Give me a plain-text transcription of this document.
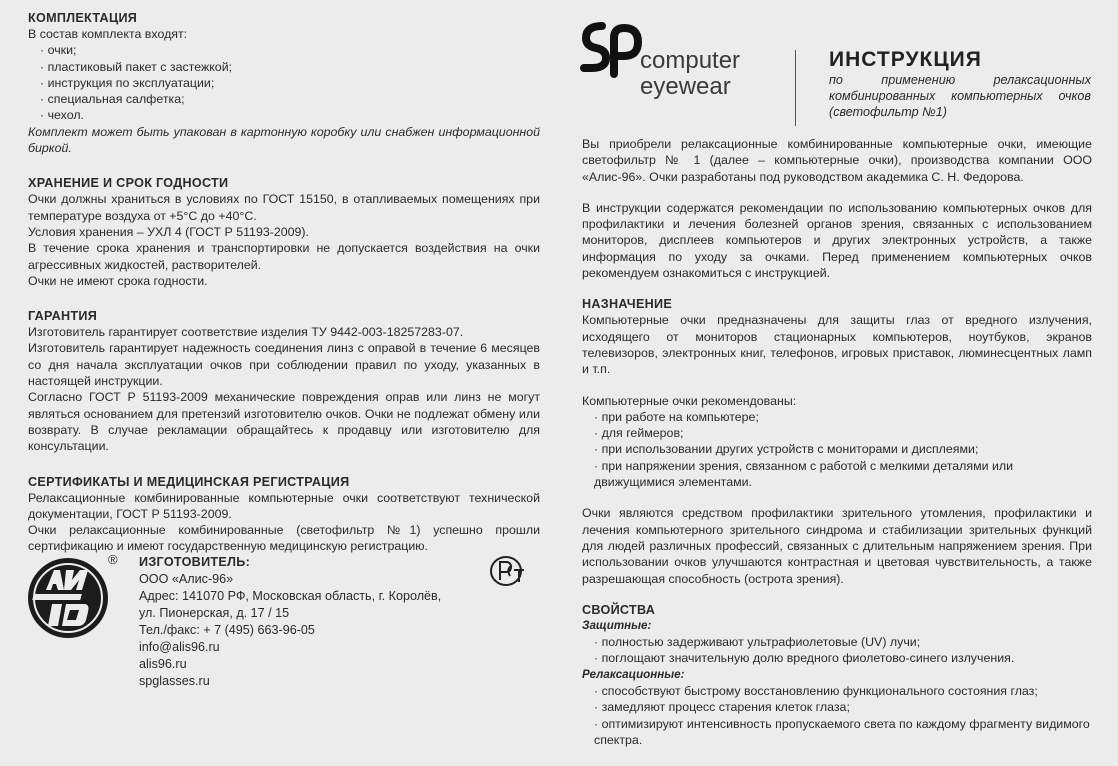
КОМПЛЕКТАЦИЯ

В состав комплекта входят:

· очки;
· пластиковый пакет с застежкой;
· инструкция по эксплуатации;
· специальная салфетка;
· чехол.

Комплект может быть упакован в картонную коробку или снабжен информационной биркой.

ХРАНЕНИЕ И СРОК ГОДНОСТИ

Очки должны храниться в условиях по ГОСТ 15150, в отапливаемых помещениях при температуре воздуха от +5°С до +40°С.

Условия хранения – УХЛ 4 (ГОСТ Р 51193-2009).

В течение срока хранения и транспортировки не допускается воздействия на очки агрессивных жидкостей, растворителей.

Очки не имеют срока годности.

ГАРАНТИЯ

Изготовитель гарантирует соответствие изделия ТУ 9442-003-18257283-07.

Изготовитель гарантирует надежность соединения линз с оправой в течение 6 месяцев со дня начала эксплуатации очков при соблюдении правил по уходу, указанных в настоящей инструкции.

Согласно ГОСТ Р 51193-2009 механические повреждения оправ или линз не могут являться основанием для претензий изготовителю очков. Очки не подлежат обмену или возврату. В случае рекламации обращайтесь к продавцу или изготовителю для консультации.

СЕРТИФИКАТЫ И МЕДИЦИНСКАЯ РЕГИСТРАЦИЯ

Релаксационные комбинированные компьютерные очки соответствуют технической документации, ГОСТ Р 51193-2009.

Очки релаксационные комбинированные (светофильтр №1) успешно прошли сертификацию и имеют государственную медицинскую регистрацию.

® ИЗГОТОВИТЕЛЬ:
ООО «Алис-96»
Адрес: 141070 РФ, Московская область, г. Королёв,
ул. Пионерская, д. 17 / 15
Тел./факс: + 7 (495) 663-96-05
info@alis96.ru
alis96.ru
spglasses.ru
computer
eyewear
ИНСТРУКЦИЯ
по применению релаксационных комбинированных компьютерных очков (светофильтр №1)

Вы приобрели релаксационные комбинированные компьютерные очки, имеющие светофильтр № 1 (далее – компьютерные очки), производства компании ООО «Алис-96». Очки разработаны под руководством академика С. Н. Федорова.

В инструкции содержатся рекомендации по использованию компьютерных очков для профилактики и лечения болезней органов зрения, связанных с использованием мониторов, дисплеев компьютеров и других электронных устройств, а также информация по уходу за очками. Перед применением компьютерных очков рекомендуем ознакомиться с инструкцией.

НАЗНАЧЕНИЕ

Компьютерные очки предназначены для защиты глаз от вредного излучения, исходящего от мониторов стационарных компьютеров, ноутбуков, экранов телевизоров, электронных книг, телефонов, игровых приставок, люминесцентных ламп и т.п.

Компьютерные очки рекомендованы:

· при работе на компьютере;
· для геймеров;
· при использовании других устройств с мониторами и дисплеями;
· при напряжении зрения, связанном с работой с мелкими деталями или движущимися элементами.

Очки являются средством профилактики зрительного утомления, профилактики и лечения компьютерного зрительного синдрома и стабилизации зрительных функций для людей различных профессий, связанных с длительным напряжением зрения. При использовании очков улучшаются контрастная и цветовая чувствительность, а также разрешающая способность (острота зрения).

СВОЙСТВА
Защитные:
· полностью задерживают ультрафиолетовые (UV) лучи;
· поглощают значительную долю вредного фиолетово-синего излучения.
Релаксационные:
· способствуют быстрому восстановлению функционального состояния глаз;
· замедляют процесс старения клеток глаза;
· оптимизируют интенсивность пропускаемого света по каждому фрагменту видимого спектра.
